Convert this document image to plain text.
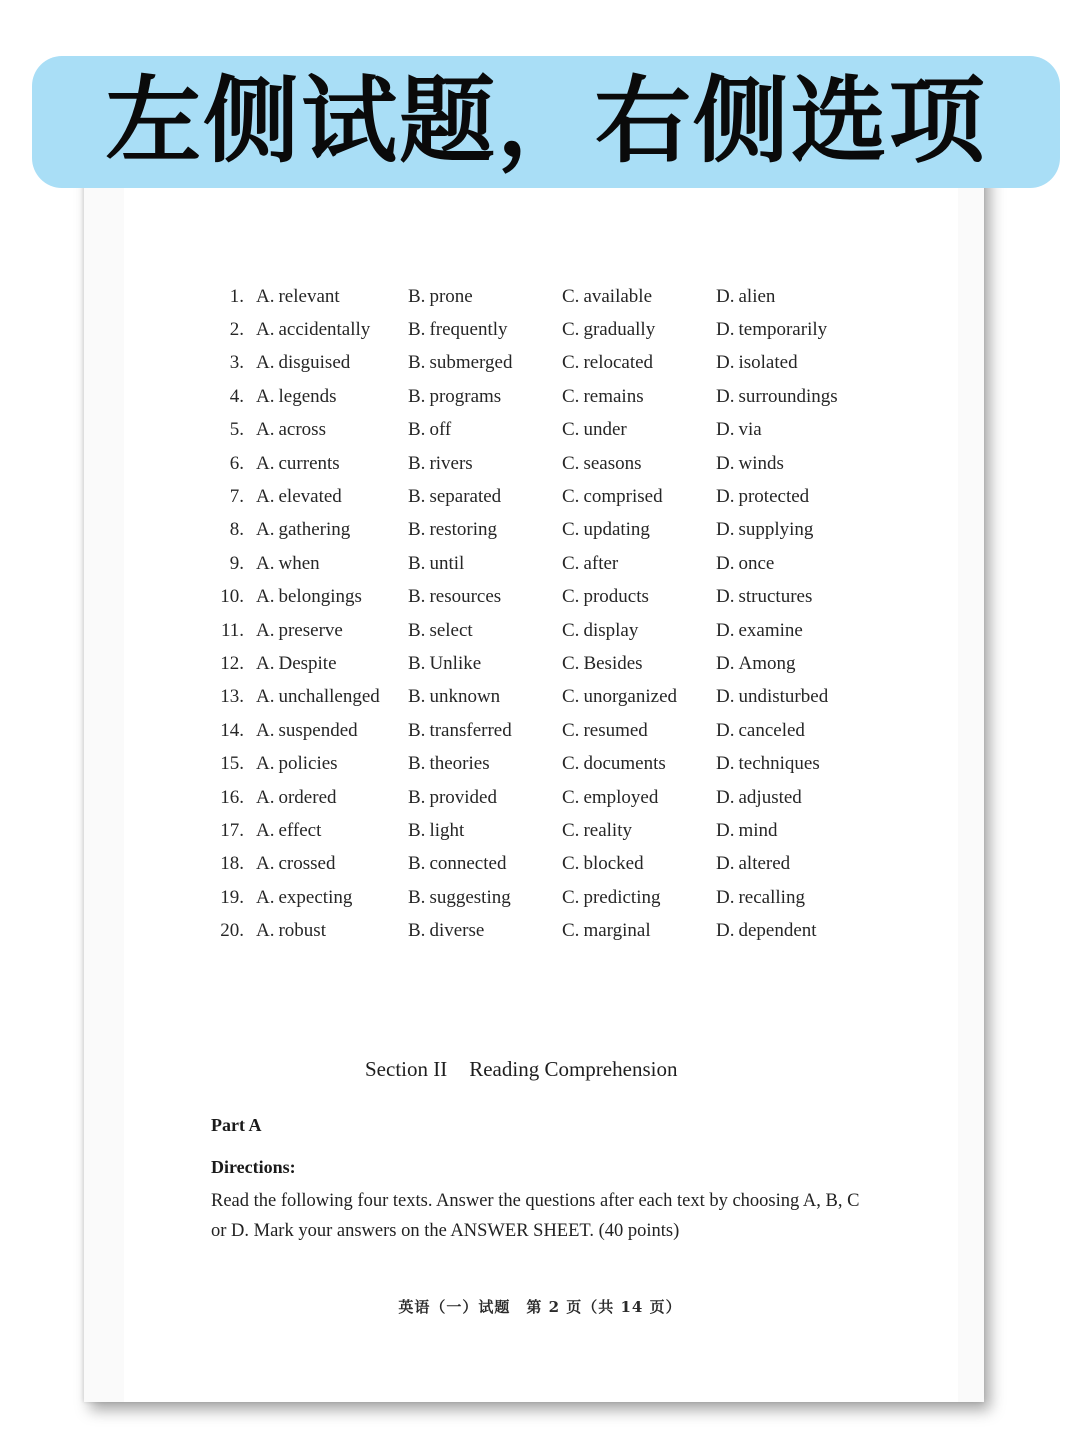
左侧试题，右侧选项
1.	A. relevant	B. prone	C. available	D. alien
2.	A. accidentally	B. frequently	C. gradually	D. temporarily
3.	A. disguised	B. submerged	C. relocated	D. isolated
4.	A. legends	B. programs	C. remains	D. surroundings
5.	A. across	B. off	C. under	D. via
6.	A. currents	B. rivers	C. seasons	D. winds
7.	A. elevated	B. separated	C. comprised	D. protected
8.	A. gathering	B. restoring	C. updating	D. supplying
9.	A. when	B. until	C. after	D. once
10.	A. belongings	B. resources	C. products	D. structures
11.	A. preserve	B. select	C. display	D. examine
12.	A. Despite	B. Unlike	C. Besides	D. Among
13.	A. unchallenged	B. unknown	C. unorganized	D. undisturbed
14.	A. suspended	B. transferred	C. resumed	D. canceled
15.	A. policies	B. theories	C. documents	D. techniques
16.	A. ordered	B. provided	C. employed	D. adjusted
17.	A. effect	B. light	C. reality	D. mind
18.	A. crossed	B. connected	C. blocked	D. altered
19.	A. expecting	B. suggesting	C. predicting	D. recalling
20.	A. robust	B. diverse	C. marginal	D. dependent
Section II Reading Comprehension
Part A
Directions:
Read the following four texts. Answer the questions after each text by choosing A, B, C or D. Mark your answers on the ANSWER SHEET. (40 points)
英语（一）试题　第 2 页（共 14 页）
